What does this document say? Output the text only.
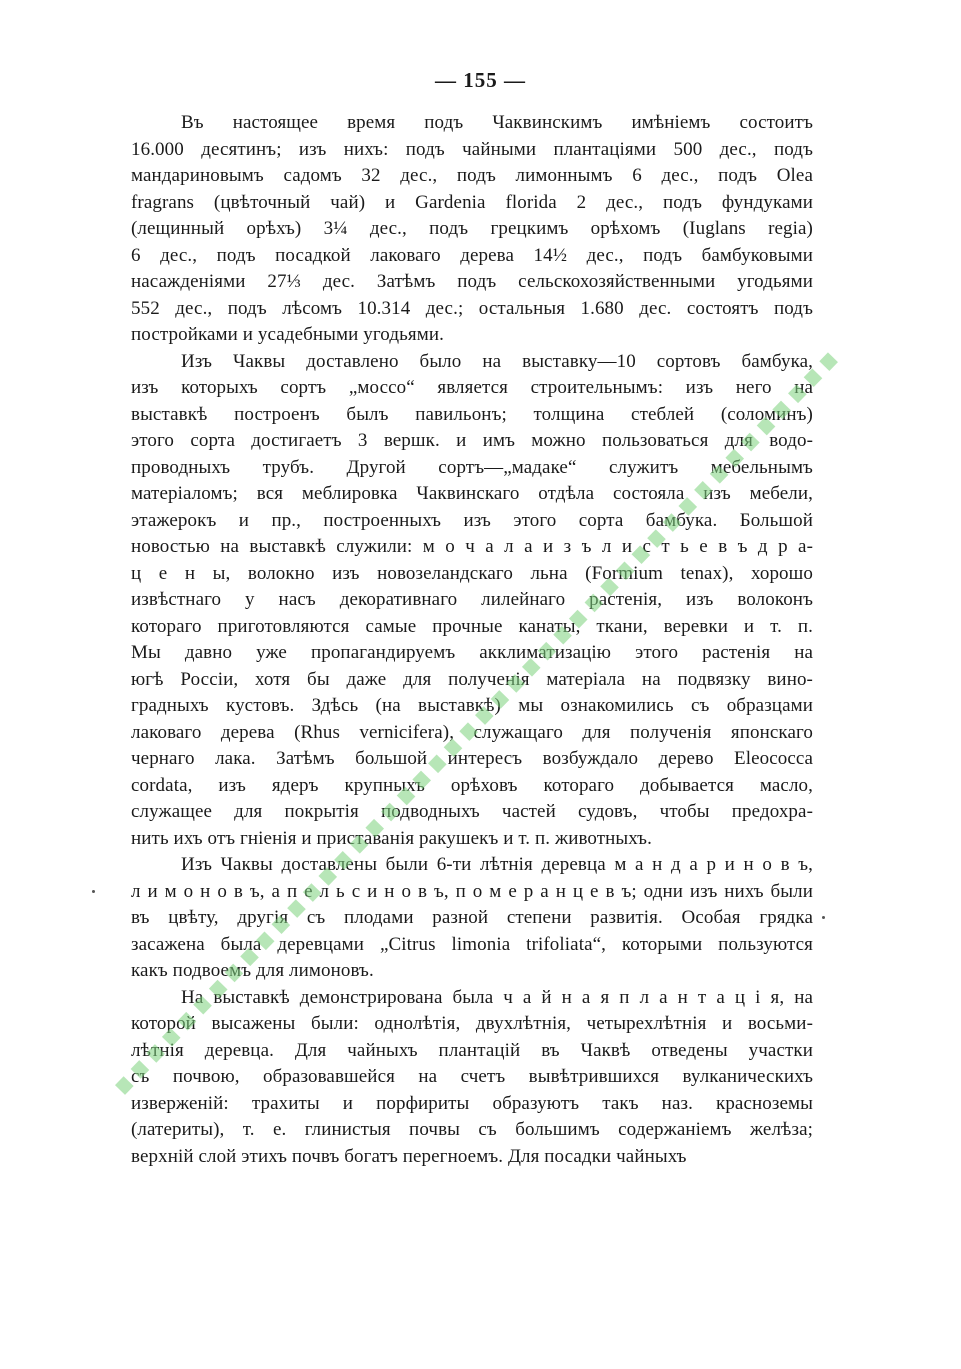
— 155 —
Въ настоящее время подъ Чаквинскимъ имѣніемъ состоитъ
16.000 десятинъ; изъ нихъ: подъ чайными плантаціями 500 дес., подъ
мандариновымъ садомъ 32 дес., подъ лимоннымъ 6 дес., подъ Olea
fragrans (цвѣточный чай) и Gardenia florida 2 дес., подъ фундуками
(лещинный орѣхъ) 3¼ дес., подъ грецкимъ орѣхомъ (Iuglans regia)
6 дес., подъ посадкой лаковаго дерева 14½ дес., подъ бамбуковыми
насажденіями 27⅓ дес. Затѣмъ подъ сельскохозяйственными угодьями
552 дес., подъ лѣсомъ 10.314 дес.; остальныя 1.680 дес. состоятъ подъ
постройками и усадебными угодьями.
Изъ Чаквы доставлено было на выставку—10 сортовъ бамбука,
изъ которыхъ сортъ „моссо“ является строительнымъ: изъ него на
выставкѣ построенъ былъ павильонъ; толщина стеблей (соломинъ)
этого сорта достигаетъ 3 вершк. и имъ можно пользоваться для водо-
проводныхъ трубъ. Другой сортъ—„мадаке“ служитъ мебельнымъ
матеріаломъ; вся меблировка Чаквинскаго отдѣла состояла изъ мебели,
этажерокъ и пр., построенныхъ изъ этого сорта бамбука. Большой
новостью на выставкѣ служили: м о ч а л а и з ъ л и с т ь е в ъ д р а-
ц е н ы, волокно изъ новозеландскаго льна (Formium tenax), хорошо
извѣстнаго у насъ декоративнаго лилейнаго растенія, изъ волоконъ
котораго приготовляются самые прочные канаты, ткани, веревки и т. п.
Мы давно уже пропагандируемъ акклиматизацію этого растенія на
югѣ Россіи, хотя бы даже для полученія матеріала на подвязку вино-
градныхъ кустовъ. Здѣсь (на выставкѣ) мы ознакомились съ образцами
лаковаго дерева (Rhus vernicifera), служащаго для полученія японскаго
чернаго лака. Затѣмъ большой интересъ возбуждало дерево Eleococca
cordata, изъ ядеръ крупныхъ орѣховъ котораго добывается масло,
служащее для покрытія подводныхъ частей судовъ, чтобы предохра-
нить ихъ отъ гніенія и приставанія ракушекъ и т. п. животныхъ.
Изъ Чаквы доставлены были 6-ти лѣтнія деревца м а н д а р и н о в ъ,
л и м о н о в ъ, а п е л ь с и н о в ъ, п о м е р а н ц е в ъ; одни изъ нихъ были
въ цвѣту, другія съ плодами разной степени развитія. Особая грядка
засажена была деревцами „Citrus limonia trifoliata“, которыми пользуются
какъ подвоемъ для лимоновъ.
На выставкѣ демонстрирована была ч а й н а я п л а н т а ц і я, на
которой высажены были: однолѣтія, двухлѣтнія, четырехлѣтнія и восьми-
лѣтнія деревца. Для чайныхъ плантацій въ Чаквѣ отведены участки
съ почвою, образовавшейся на счетъ вывѣтрившихся вулканическихъ
изверженій: трахиты и порфириты образуютъ такъ наз. красноземы
(латериты), т. е. глинистыя почвы съ большимъ содержаніемъ желѣза;
верхній слой этихъ почвъ богатъ перегноемъ. Для посадки чайныхъ
